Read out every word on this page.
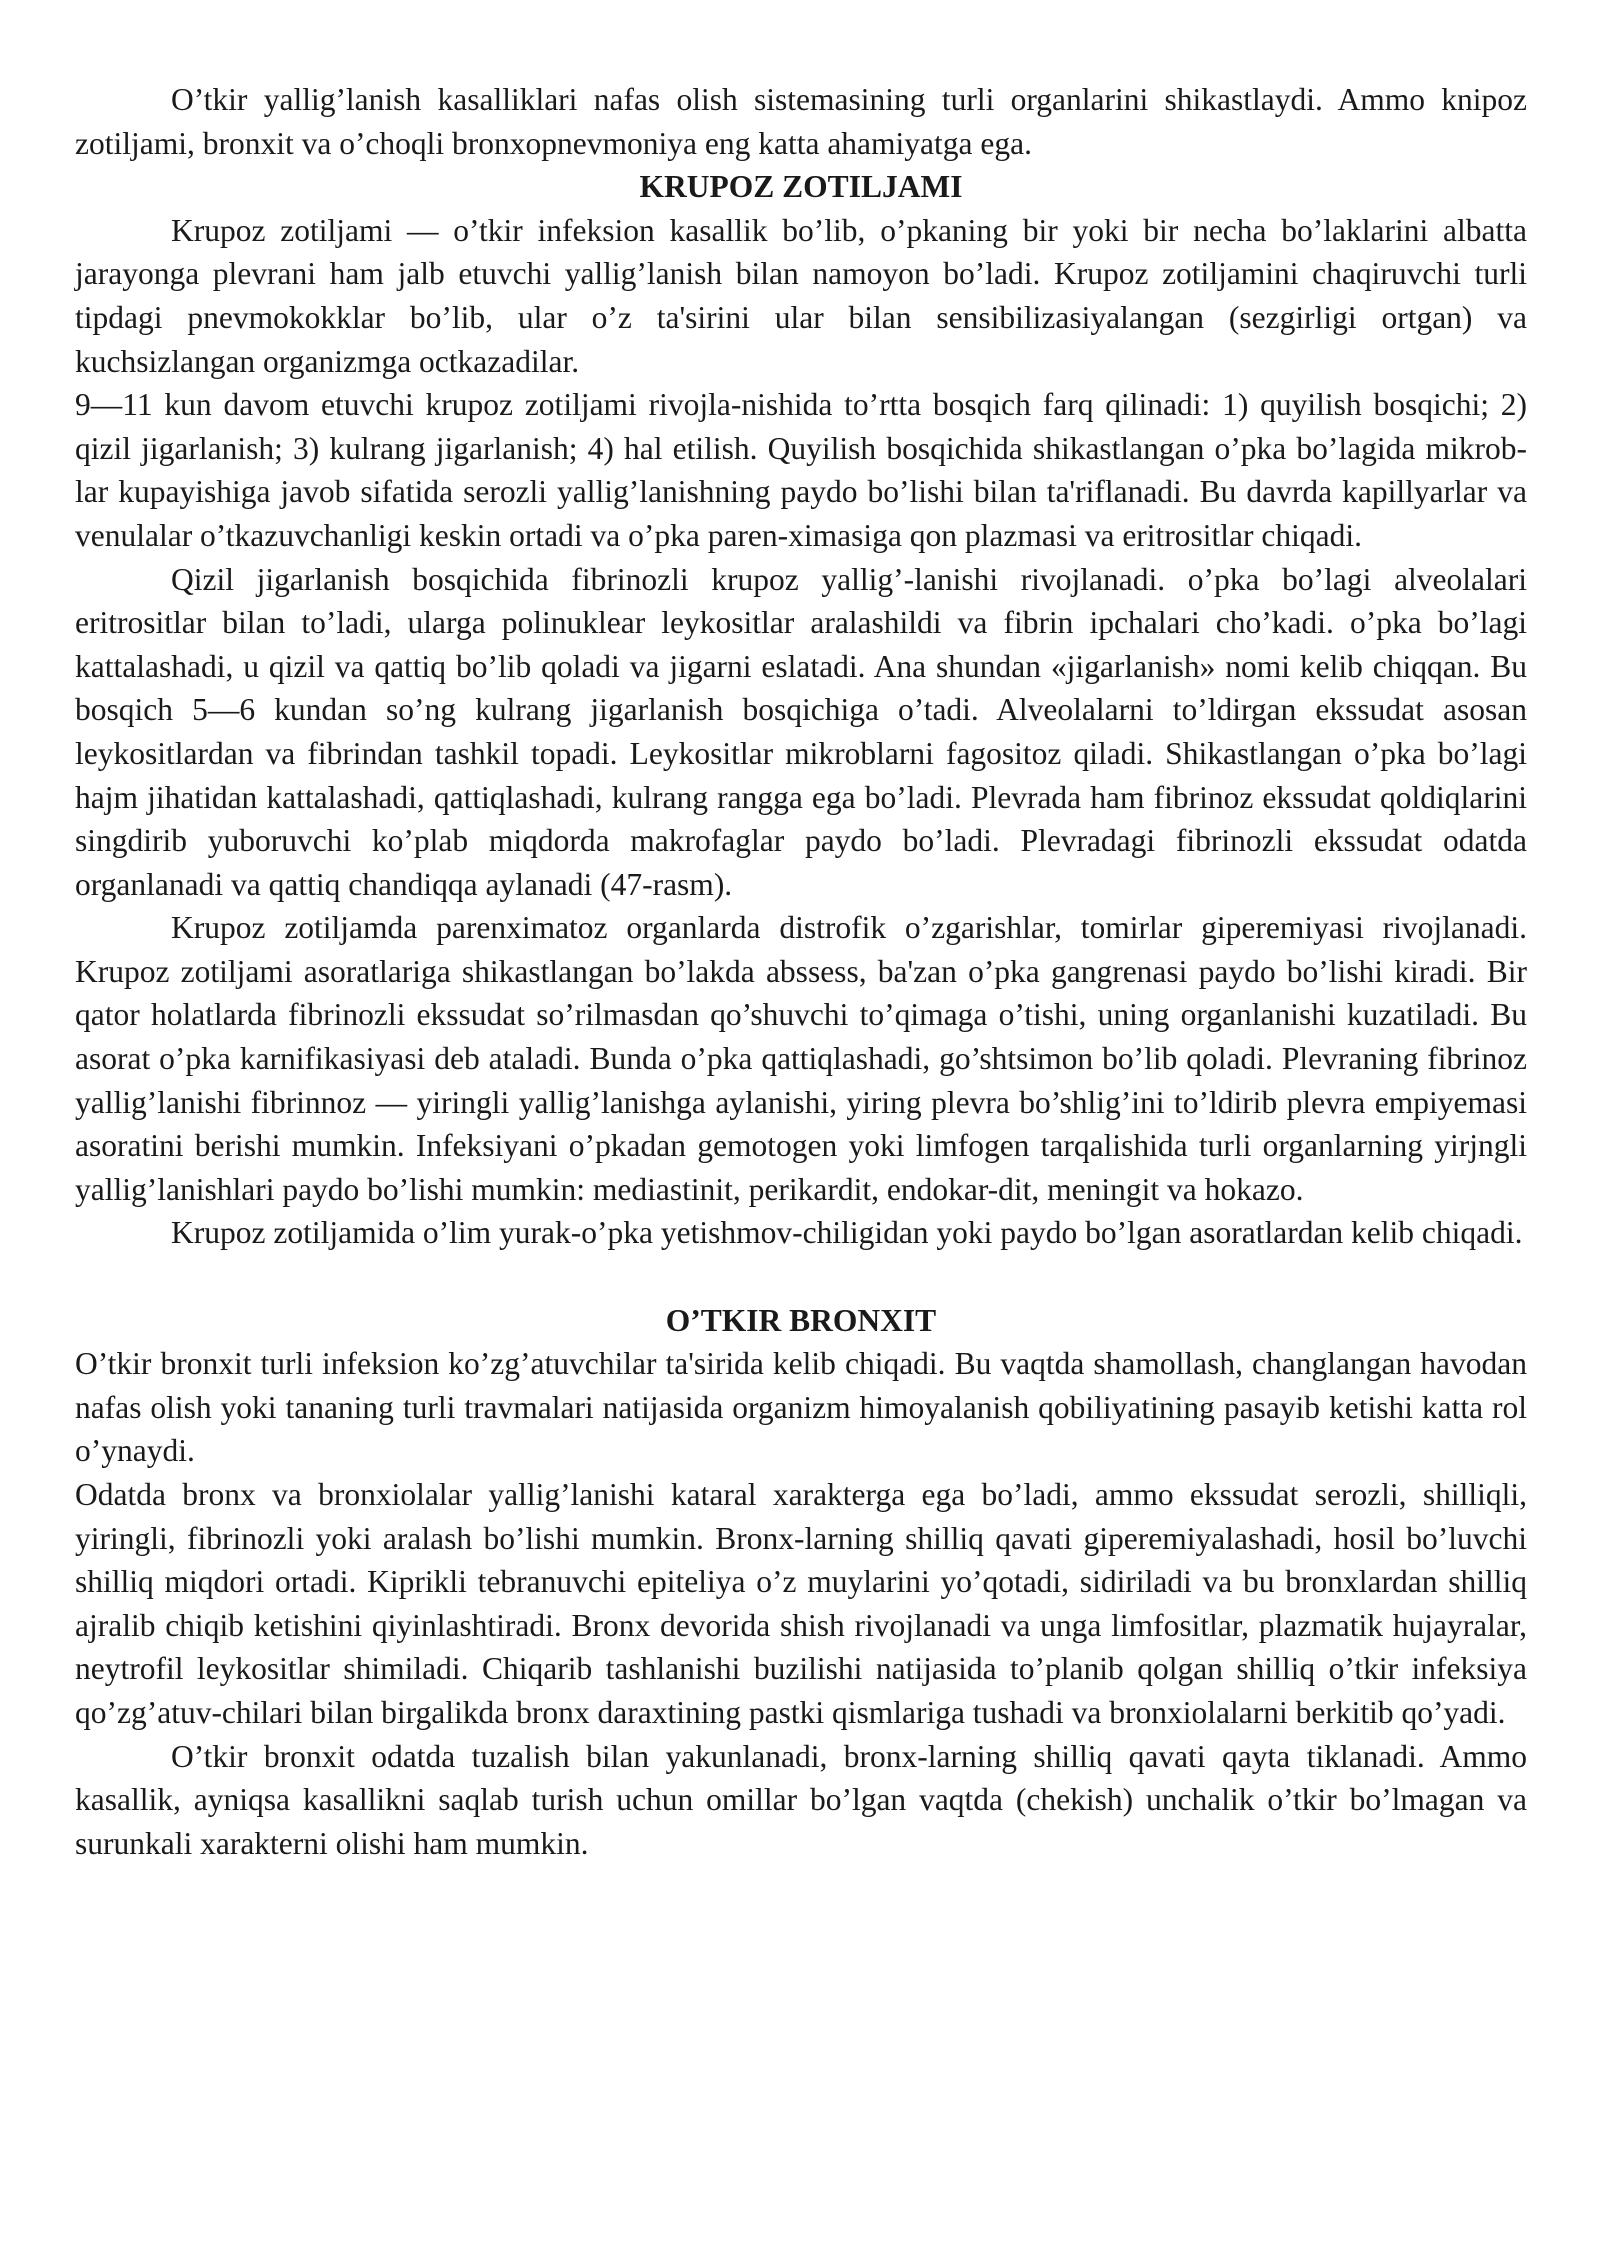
O’tkir yallig’lanish kasalliklari nafas olish sistemasining turli organlarini shikastlaydi. Ammo knipoz zotiljami, bronxit va o’choqli bronxopnevmoniya eng katta ahamiyatga ega.

KRUPOZ ZOTILJAMI

Krupoz zotiljami — o’tkir infeksion kasallik bo’lib, o’pkaning bir yoki bir necha bo’laklarini albatta jarayonga plevrani ham jalb etuvchi yallig’lanish bilan namoyon bo’ladi. Krupoz zotiljamini chaqiruvchi turli tipdagi pnevmokokklar bo’lib, ular o’z ta'sirini ular bilan sensibilizasiyalangan (sezgirligi ortgan) va kuchsizlangan organizmga octkazadilar.

9—11 kun davom etuvchi krupoz zotiljami rivojla-nishida to’rtta bosqich farq qilinadi: 1) quyilish bosqichi; 2) qizil jigarlanish; 3) kulrang jigarlanish; 4) hal etilish. Quyilish bosqichida shikastlangan o’pka bo’lagida mikrob-lar kupayishiga javob sifatida serozli yallig’lanishning paydo bo’lishi bilan ta'riflanadi. Bu davrda kapillyarlar va venulalar o’tkazuvchanligi keskin ortadi va o’pka paren-ximasiga qon plazmasi va eritrositlar chiqadi.

Qizil jigarlanish bosqichida fibrinozli krupoz yallig’-lanishi rivojlanadi. o’pka bo’lagi alveolalari eritrositlar bilan to’ladi, ularga polinuklear leykositlar aralashildi va fibrin ipchalari cho’kadi. o’pka bo’lagi kattalashadi, u qizil va qattiq bo’lib qoladi va jigarni eslatadi. Ana shundan «jigarlanish» nomi kelib chiqqan. Bu bosqich 5—6 kundan so’ng kulrang jigarlanish bosqichiga o’tadi. Alveolalarni to’ldirgan ekssudat asosan leykositlardan va fibrindan tashkil topadi. Leykositlar mikroblarni fagositoz qiladi. Shikastlangan o’pka bo’lagi hajm jihatidan kattalashadi, qattiqlashadi, kulrang rangga ega bo’ladi. Plevrada ham fibrinoz ekssudat qoldiqlarini singdirib yuboruvchi ko’plab miqdorda makrofaglar paydo bo’ladi. Plevradagi fibrinozli ekssudat odatda organlanadi va qattiq chandiqqa aylanadi (47-rasm).

Krupoz zotiljamda parenximatoz organlarda distrofik o’zgarishlar, tomirlar giperemiyasi rivojlanadi. Krupoz zotiljami asoratlariga shikastlangan bo’lakda abssess, ba'zan o’pka gangrenasi paydo bo’lishi kiradi. Bir qator holatlarda fibrinozli ekssudat so’rilmasdan qo’shuvchi to’qimaga o’tishi, uning organlanishi kuzatiladi. Bu asorat o’pka karnifikasiyasi deb ataladi. Bunda o’pka qattiqlashadi, go’shtsimon bo’lib qoladi. Plevraning fibrinoz yallig’lanishi fibrinnoz — yiringli yallig’lanishga aylanishi, yiring plevra bo’shlig’ini to’ldirib plevra empiyemasi asoratini berishi mumkin. Infeksiyani o’pkadan gemotogen yoki limfogen tarqalishida turli organlarning yirjngli yallig’lanishlari paydo bo’lishi mumkin: mediastinit, perikardit, endokar-dit, meningit va hokazo.

Krupoz zotiljamida o’lim yurak-o’pka yetishmov-chiligidan yoki paydo bo’lgan asoratlardan kelib chiqadi.

O’TKIR BRONXIT

O’tkir bronxit turli infeksion ko’zg’atuvchilar ta'sirida kelib chiqadi. Bu vaqtda shamollash, changlangan havodan nafas olish yoki tananing turli travmalari natijasida organizm himoyalanish qobiliyatining pasayib ketishi katta rol o’ynaydi.

Odatda bronx va bronxiolalar yallig’lanishi kataral xarakterga ega bo’ladi, ammo ekssudat serozli, shilliqli, yiringli, fibrinozli yoki aralash bo’lishi mumkin. Bronx-larning shilliq qavati giperemiyalashadi, hosil bo’luvchi shilliq miqdori ortadi. Kiprikli tebranuvchi epiteliya o’z muylarini yo’qotadi, sidiriladi va bu bronxlardan shilliq ajralib chiqib ketishini qiyinlashtiradi. Bronx devorida shish rivojlanadi va unga limfositlar, plazmatik hujayralar, neytrofil leykositlar shimiladi. Chiqarib tashlanishi buzilishi natijasida to’planib qolgan shilliq o’tkir infeksiya qo’zg’atuv-chilari bilan birgalikda bronx daraxtining pastki qismlariga tushadi va bronxiolalarni berkitib qo’yadi.

O’tkir bronxit odatda tuzalish bilan yakunlanadi, bronx-larning shilliq qavati qayta tiklanadi. Ammo kasallik, ayniqsa kasallikni saqlab turish uchun omillar bo’lgan vaqtda (chekish) unchalik o’tkir bo’lmagan va surunkali xarakterni olishi ham mumkin.
